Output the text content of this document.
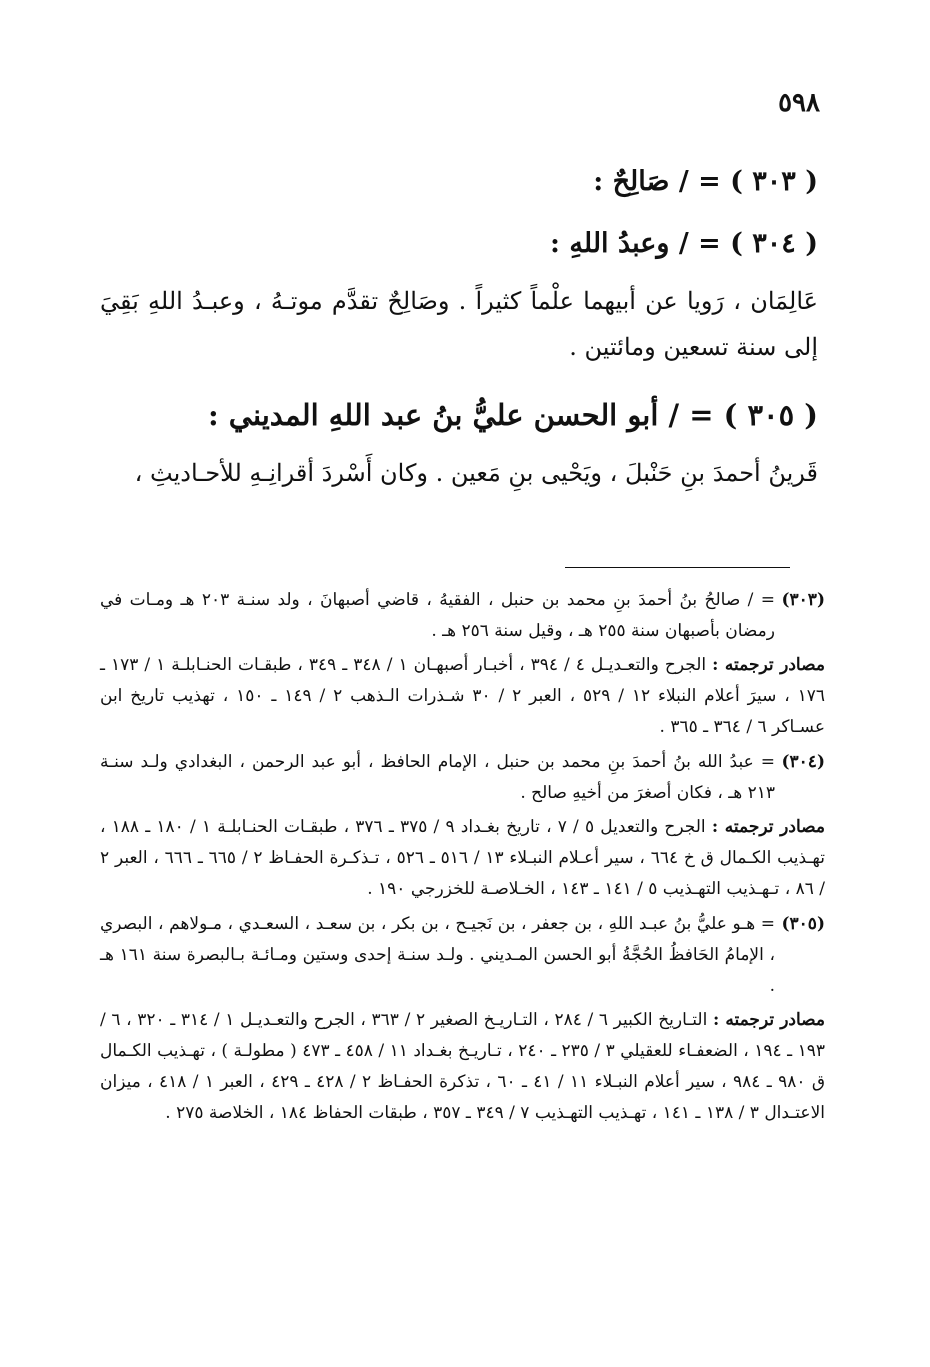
٥٩٨
( ٣٠٣ ) = / صَالِحٌ :
( ٣٠٤ ) = / وعبدُ اللهِ :
عَالِمَان ، رَويا عن أبيهما علْماً كثيراً . وصَالِحٌ تقدَّم موتـهُ ، وعبـدُ اللهِ بَقِيَ إلى سنة تسعين ومائتين .
( ٣٠٥ ) = / أبو الحسن عليُّ بنُ عبد اللهِ المديني :
قَرينُ أحمدَ بنِ حَنْبلَ ، ويَحْيى بنِ مَعين . وكان أَسْردَ أقرانِـهِ للأحـاديثِ ،
(٣٠٣)
= / صالحُ بنُ أحمدَ بنِ محمد بن حنبل ، الفقيهُ ، قاضي أصبهانَ ، ولد سنـة ٢٠٣ هـ ومـات في رمضان بأصبهان سنة ٢٥٥ هـ ، وقيل سنة ٢٥٦ هـ .
مصادر ترجمته : الجرح والتعـديـل ٤ / ٣٩٤ ، أخبـار أصبهـان ١ / ٣٤٨ ـ ٣٤٩ ، طبقـات الحنـابلـة ١ / ١٧٣ ـ ١٧٦ ، سيرَ أعلام النبلاء ١٢ / ٥٢٩ ، العبر ٢ / ٣٠ شـذرات الـذهب ٢ / ١٤٩ ـ ١٥٠ ، تهذيب تاريخ ابن عسـاكر ٦ / ٣٦٤ ـ ٣٦٥ .
(٣٠٤)
= عبدُ الله بنُ أحمدَ بنِ محمد بن حنبل ، الإمام الحافظ ، أبو عبد الرحمن ، البغدادي ولـد سنـة ٢١٣ هـ ، فكان أصغرَ من أخيهِ صالح .
مصادر ترجمته : الجرح والتعديل ٥ / ٧ ، تاريخ بغـداد ٩ / ٣٧٥ ـ ٣٧٦ ، طبقـات الحنـابلـة ١ / ١٨٠ ـ ١٨٨ ، تهـذيب الكـمال ق خ ٦٦٤ ، سير أعـلام النبـلاء ١٣ / ٥١٦ ـ ٥٢٦ ، تـذكـرة الحفـاظ ٢ / ٦٦٥ ـ ٦٦٦ ، العبر ٢ / ٨٦ ، تـهـذيب التهـذيب ٥ / ١٤١ ـ ١٤٣ ، الخـلاصـة للخزرجي ١٩٠ .
(٣٠٥)
= هـو عليُّ بنُ عبـد اللهِ ، بن جعفر ، بن نَجيـح ، بن بكر ، بن سعـد ، السعـدي ، مـولاهم ، البصري ، الإمامُ الحَافظُ الحُجَّةُ أبو الحسن المـديني . ولـد سنـة إحدى وستين ومـائـة بـالبصرة سنة ١٦١ هـ .
مصادر ترجمته : التـاريخ الكبير ٦ / ٢٨٤ ، التـاريـخ الصغير ٢ / ٣٦٣ ، الجرح والتعـديـل ١ / ٣١٤ ـ ٣٢٠ ، ٦ / ١٩٣ ـ ١٩٤ ، الضعفـاء للعقيلي ٣ / ٢٣٥ ـ ٢٤٠ ، تـاريـخ بغـداد ١١ / ٤٥٨ ـ ٤٧٣ ( مطولـة ) ، تهـذيب الكـمال ق ٩٨٠ ـ ٩٨٤ ، سير أعلام النبـلاء ١١ / ٤١ ـ ٦٠ ، تذكرة الحفـاظ ٢ / ٤٢٨ ـ ٤٢٩ ، العبر ١ / ٤١٨ ، ميزان الاعتـدال ٣ / ١٣٨ ـ ١٤١ ، تهـذيب التهـذيب ٧ / ٣٤٩ ـ ٣٥٧ ، طبقات الحفاظ ١٨٤ ، الخلاصة ٢٧٥ .
